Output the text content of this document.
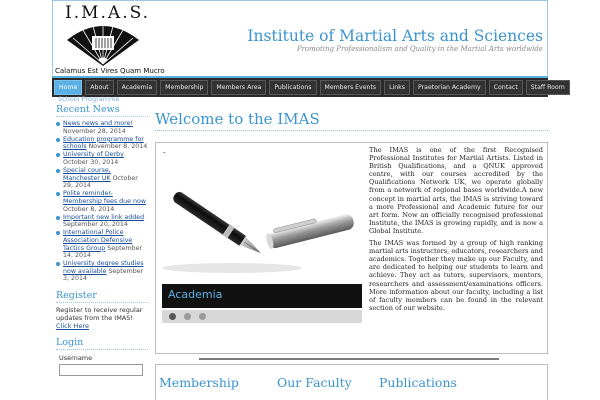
I.M.A.S.
Calamus Est Vires Quam Mucro
Institute of Martial Arts and Sciences
Promoting Professionalism and Quality in the Martial Arts worldwide
Home	About	Academia	Membership	Members Area	Publications	Members Events	Links	Praetorian Academy	Contact	Staff Room
School Programme
Recent News
News news and more! November 28, 2014
Education programme for schools November 8, 2014
University of Derby October 30, 2014
Special course, Manchester UK October 29, 2014
Polite reminder- Membership fees due now October 8, 2014
Important new link added September 20, 2014
International Police Association Defensive Tactics Group September 14, 2014
University degree studies now available September 3, 2014
Register
Register to receive regular updates from the IMAS!
Click Here
Login
Username
Welcome to the IMAS
-
Academia

The IMAS is one of the first Recognised Professional Institutes for Martial Artists. Listed in British Qualifications, and a QNUK approved centre, with our courses accredited by the Qualifications Network UK, we operate globally from a network of regional bases worldwide.A new concept in martial arts, the IMAS is striving toward a more Professional and Academic future for our art form. Now an officially recognised professional Institute, the IMAS is growing rapidly, and is now a Global Institute.

The IMAS was formed by a group of high ranking martial arts instructors, educators, researchers and academics. Together they make up our Faculty, and are dedicated to helping our students to learn and achieve. They act as tutors, supervisors, mentors, researchers and assessment/examinations officers. More information about our faculty, including a list of faculty members can be found in the relevant section of our website.

Membership	Our Faculty Publications
